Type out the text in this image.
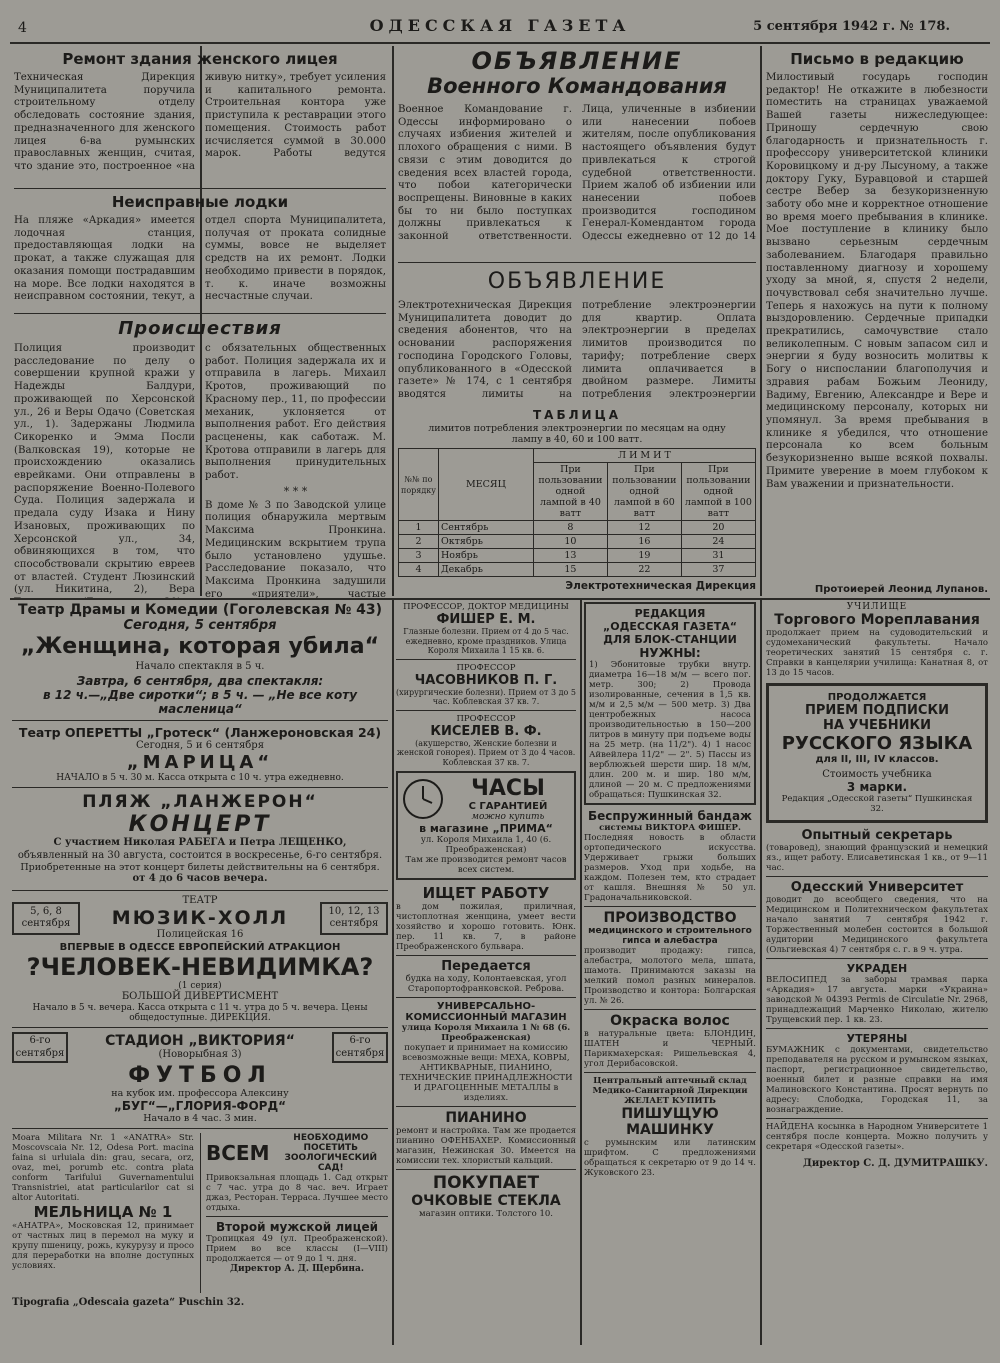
4	ОДЕССКАЯ ГАЗЕТА	5 сентября 1942 г. № 178.
Ремонт здания женского лицея
Техническая Дирекция Муниципалитета поручила строительному отделу обследовать состояние здания, предназначенного для женского лицея 6-ва румынских православных женщин, считая, что здание это, построенное «на живую нитку», требует усиления и капитального ремонта. Строительная контора уже приступила к реставрации этого помещения. Стоимость работ исчисляется суммой в 30.000 марок. Работы ведутся
Неисправные лодки
На пляже «Аркадия» имеется лодочная станция, предоставляющая лодки на прокат, а также служащая для оказания помощи пострадавшим на море. Все лодки находятся в неисправном состоянии, текут, а отдел спорта Муниципалитета, получая от проката солидные суммы, вовсе не выделяет средств на их ремонт. Лодки необходимо привести в порядок, т. к. иначе возможны несчастные случаи.
Происшествия
Полиция производит расследование по делу о совершении крупной кражи у Надежды Балдури, проживающей по Херсонской ул., 26 и Веры Одачо (Советская ул., 1). Задержаны Людмила Сикоренко и Эмма Посли (Валковская 19), которые не происхождению оказались еврейками. Они отправлены в распоряжение Военно-Полевого Суда. Полиция задержала и предала суду Изака и Нину Изановых, проживающих по Херсонской ул., 34, обвиняющихся в том, что способствовали скрытию евреев от властей. Студент Люзинский (ул. Никитина, 2), Вера с обязательных общественных работ. Полиция задержала их и отправила в лагерь. Михаил Кротов, проживающий по Красному пер., 11, по профессии механик, уклоняется от выполнения работ. Его действия расценены, как саботаж. М. Кротова отправили в лагерь для выполнения принудительных работ.
* * *
В доме № 3 по Заводской улице полиция обнаружила мертвым Максима Пронкина. Медицинским вскрытием трупа было установлено удушье. Расследование показало, что Максима Пронкина задушили его «приятели», частые
ОБЪЯВЛЕНИЕ
Военного Командования
Военное Командование г. Одессы информировано о случаях избиения жителей и плохого обращения с ними. В связи с этим доводится до сведения всех властей города, что побои категорически воспрещены. Виновные в каких бы то ни было поступках должны привлекаться к законной ответственности. Лица, уличенные в избиении или нанесении побоев жителям, после опубликования настоящего объявления будут привлекаться к строгой судебной ответственности. Прием жалоб об избиении или нанесении побоев производится господином Генерал-Комендантом города Одессы ежедневно от 12 до 14
ОБЪЯВЛЕНИЕ
Электротехническая Дирекция Муниципалитета доводит до сведения абонентов, что на основании распоряжения господина Городского Головы, опубликованного в «Одесской газете» № 174, с 1 сентября вводятся лимиты на потребление электроэнергии для квартир. Оплата электроэнергии в пределах лимитов производится по тарифу; потребление сверх лимита оплачивается в двойном размере. Лимиты потребления электроэнергии
ТАБЛИЦА
лимитов потребления электроэнергии по месяцам на одну лампу в 40, 60 и 100 ватт.
№№ по порядку	МЕСЯЦ	Л И М И Т		
		При пользовании одной лампой в 40 ватт	При пользовании одной лампой в 60 ватт	При пользовании одной лампой в 100 ватт
1	Сентябрь	8	12	20
2	Октябрь	10	16	24
3	Ноябрь	13	19	31
4	Декабрь	15	22	37
Электротехническая Дирекция
Письмо в редакцию
Милостивый государь господин редактор! Не откажите в любезности поместить на страницах уважаемой Вашей газеты нижеследующее: Приношу сердечную свою благодарность и признательность г. профессору университетской клиники Коровицкому и д-ру Лысуному, а также доктору Гуку, Буравцовой и старшей сестре Вебер за безукоризненную заботу обо мне и корректное отношение во время моего пребывания в клинике. Мое поступление в клинику было вызвано серьезным сердечным заболеванием. Благодаря правильно поставленному диагнозу и хорошему уходу за мной, я, спустя 2 недели, почувствовал себя значительно лучше. Теперь я нахожусь на пути к полному выздоровлению. Сердечные припадки прекратились, самочувствие стало великолепным. С новым запасом сил и энергии я буду возносить молитвы к Богу о ниспослании благополучия и здравия рабам Божьим Леониду, Вадиму, Евгению, Александре и Вере и медицинскому персоналу, которых ни упомянул. За время пребывания в клинике я убедился, что отношение персонала ко всем больным безукоризненно выше всякой похвалы. Примите уверение в моем глубоком к Вам уважении и признательности.
Протоиерей Леонид Лупанов.
Театр Драмы и Комедии (Гоголевская № 43)
Сегодня, 5 сентября
„Женщина, которая убила“
Начало спектакля в 5 ч.
Завтра, 6 сентября, два спектакля:
в 12 ч.—„Две сиротки“; в 5 ч. — „Не все коту масленица“
Театр ОПЕРЕТТЫ „Гротеск“ (Ланжероновская 24)
Сегодня, 5 и 6 сентября
„МАРИЦА“
НАЧАЛО в 5 ч. 30 м. Касса открыта с 10 ч. утра ежедневно.
ПЛЯЖ „ЛАНЖЕРОН“
КОНЦЕРТ
С участием Николая РАБЕГА и Петра ЛЕЩЕНКО,
объявленный на 30 августа, состоится в воскресенье, 6-го сентября.
Приобретенные на этот концерт билеты действительны на 6 сентября.
от 4 до 6 часов вечера.
5, 6, 8 сентября
ТЕАТР
МЮЗИК-ХОЛЛ
Полицейская 16
10, 12, 13 сентября
ВПЕРВЫЕ В ОДЕССЕ ЕВРОПЕЙСКИЙ АТРАКЦИОН
?ЧЕЛОВЕК-НЕВИДИМКА?
(1 серия)
БОЛЬШОЙ ДИВЕРТИСМЕНТ
Начало в 5 ч. вечера. Касса открыта с 11 ч. утра до 5 ч. вечера. Цены общедоступные. ДИРЕКЦИЯ.
6-го сентября
СТАДИОН „ВИКТОРИЯ“
(Новорыбная 3)
6-го сентября
ФУТБОЛ
на кубок им. профессора Алексину
„БУГ“—„ГЛОРИЯ-ФОРД“
Начало в 4 час. 3 мин.
Moara Militara Nr. 1 «ANATRA» Str. Moscovscaia Nr. 12, Odesa Port. macina faina si urluiala din: grau, secara, orz, ovaz, mei, porumb etc. contra plata conform Tarifului Guvernamentului Transnistriei, atat particularilor cat si altor Autoritati.
МЕЛЬНИЦА № 1
«АНАТРА», Московская 12, принимает от частных лиц в перемол на муку и крупу пшеницу, рожь, кукурузу и просо для переработки на вполне доступных условиях.
ВСЕМ
НЕОБХОДИМО ПОСЕТИТЬ ЗООЛОГИЧЕСКИЙ САД!
Привокзальная площадь 1. Сад открыт с 7 час. утра до 8 час. веч. Играет джаз, Ресторан. Терраса. Лучшее место отдыха.
Второй мужской лицей
Тропицкая 49 (ул. Преображенской). Прием во все классы (I—VIII) продолжается — от 9 до 1 ч. дня.
Директор А. Д. Щербина.
Tipografia „Odescaia gazeta“ Puschin 32.
ПРОФЕССОР, ДОКТОР МЕДИЦИНЫ
ФИШЕР Е. М.
Глазные болезни. Прием от 4 до 5 час. ежедневно, кроме праздников. Улица Короля Михаила 1 15 кв. 6.
ПРОФЕССОР
ЧАСОВНИКОВ П. Г.
(хирургические болезни). Прием от 3 до 5 час. Коблевская 37 кв. 7.
ПРОФЕССОР
КИСЕЛЕВ В. Ф.
(акушерство, Женские болезни и женской гонорея). Прием от 3 до 4 часов. Коблевская 37 кв. 7.
ЧАСЫ
С ГАРАНТИЕЙ
можно купить
в магазине „ПРИМА“
ул. Короля Михаила 1, 40 (6. Преображенская)
Там же производится ремонт часов всех систем.
ИЩЕТ РАБОТУ
в дом пожилая, приличная, чистоплотная женщина, умеет вести хозяйство и хорошо готовить. Юнк. пер. 11 кв. 7, в районе Преображенского бульвара.
Передается
будка на ходу, Колонтаевская, угол Старопортофранковской. Реброва.
УНИВЕРСАЛЬНО-КОМИССИОННЫЙ МАГАЗИН
улица Короля Михаила 1 № 68 (6. Преображенская)
покупает и принимает на комиссию всевозможные вещи: МЕХА, КОВРЫ, АНТИКВАРНЫЕ, ПИАНИНО, ТЕХНИЧЕСКИЕ ПРИНАДЛЕЖНОСТИ И ДРАГОЦЕННЫЕ МЕТАЛЛЫ в изделиях.
ПИАНИНО
ремонт и настройка. Там же продается пианино ОФЕНБАХЕР. Комиссионный магазин, Нежинская 30. Имеется на комиссии тех. хлористый кальций.
ПОКУПАЕТ
ОЧКОВЫЕ СТЕКЛА
магазин оптики. Толстого 10.
РЕДАКЦИЯ
„ОДЕССКАЯ ГАЗЕТА“
ДЛЯ БЛОК-СТАНЦИИ
НУЖНЫ:
1) Эбонитовые трубки внутр. диаметра 16—18 м/м — всего пог. метр. 300; 2) Провода изолированные, сечения в 1,5 кв. м/м и 2,5 м/м — 500 метр. 3) Два центробежных насоса производительностью в 150—200 литров в минуту при подъеме воды на 25 метр. (на 11/2"). 4) 1 насос Айвейлера 11/2" — 2". 5) Пассы из верблюжьей шерсти шир. 18 м/м, длин. 200 м. и шир. 180 м/м, длиной — 20 м. С предложениями обращаться: Пушкинская 32.
Беспружинный бандаж
системы ВИКТОРА ФИШЕР.
Последняя новость в области ортопедического искусства. Удерживает грыжи больших размеров. Уход при ходьбе, на каждом. Полезен тем, кто страдает от кашля. Внешняя № 50 ул. Градоначальниковской.
ПРОИЗВОДСТВО
медицинского и строительного гипса и алебастра
производит продажу: гипса, алебастра, молотого мела, шпата, шамота. Принимаются заказы на мелкий помол разных минералов. Производство и контора: Болгарская ул. № 26.
Окраска волос
в натуральные цвета: БЛОНДИН, ШАТЕН и ЧЕРНЫЙ. Парикмахерская: Ришельевская 4, угол Дерибасовской.
Центральный аптечный склад Медико-Санитарной Дирекции ЖЕЛАЕТ КУПИТЬ
ПИШУЩУЮ МАШИНКУ
с румынским или латинским шрифтом. С предложениями обращаться к секретарю от 9 до 14 ч. Жуковского 23.
УЧИЛИЩЕ
Торгового Мореплавания
продолжает прием на судоводительский и судомеханический факультеты. Начало теоретических занятий 15 сентября с. г. Справки в канцелярии училища: Канатная 8, от 13 до 15 часов.
ПРОДОЛЖАЕТСЯ
ПРИЕМ ПОДПИСКИ
НА УЧЕБНИКИ
РУССКОГО ЯЗЫКА
для II, III, IV классов.
Стоимость учебника
3 марки.
Редакция „Одесской газеты“ Пушкинская 32.
Опытный секретарь
(товаровед), знающий французский и немецкий яз., ищет работу. Елисаветинская 1 кв., от 9—11 час.
Одесский Университет
доводит до всеобщего сведения, что на Медицинском и Политехническом факультетах начало занятий 7 сентября 1942 г. Торжественный молебен состоится в большой аудитории Медицинского факультета (Ольгиевская 4) 7 сентября с. г. в 9 ч. утра.
УКРАДЕН
ВЕЛОСИПЕД за заборы трамвая парка «Аркадия» 17 августа. марки «Украина» заводской № 04393 Permis de Circulatie Nr. 2968, принадлежащий Марченко Николаю, жителю Трущевский пер. 1 кв. 23.
УТЕРЯНЫ
БУМАЖНИК с документами, свидетельство преподавателя на русском и румынском языках, паспорт, регистрационное свидетельство, военный билет и разные справки на имя Малиновского Константина. Просят вернуть по адресу: Слободка, Городская 11, за вознаграждение.
НАЙДЕНА косынка в Народном Университете 1 сентября после концерта. Можно получить у секретаря «Одесской газеты».
Директор С. Д. ДУМИТРАШКУ.
